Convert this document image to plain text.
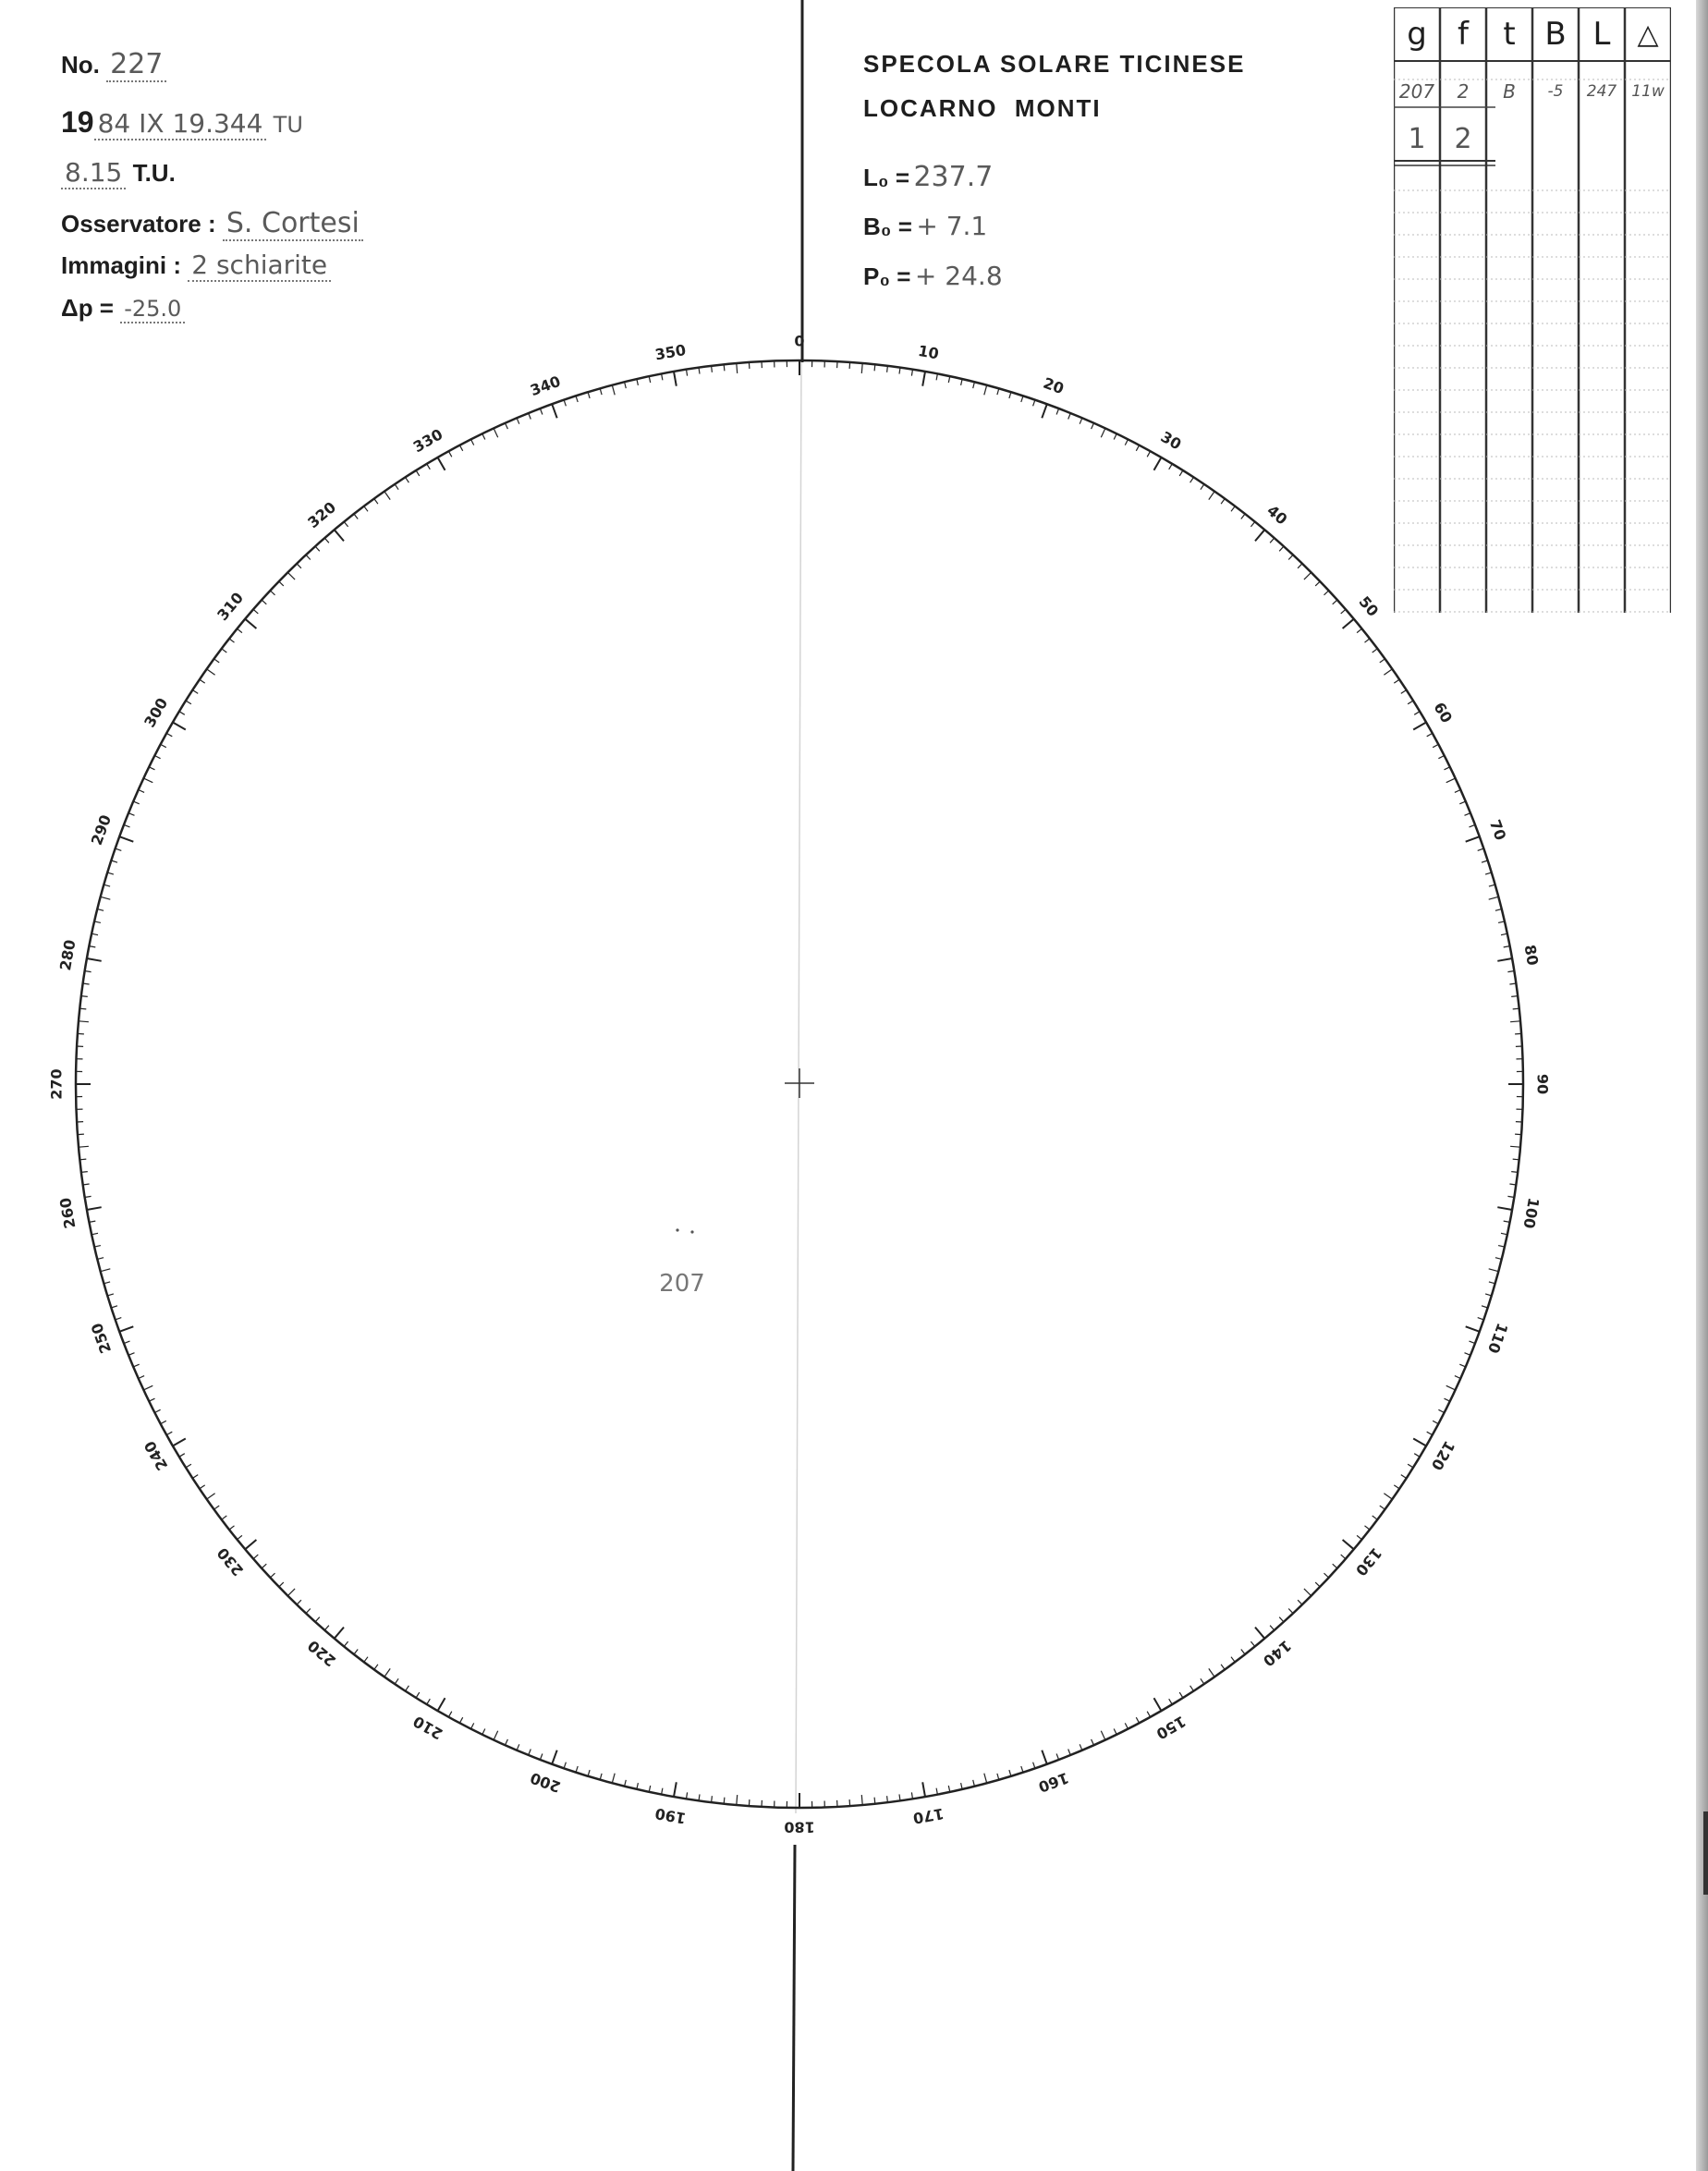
No. 227
19 84 IX 19.344 TU
8.15 T.U.
Osservatore : S. Cortesi
Immagini : 2 schiarite
Δp = -25.0
SPECOLA SOLARE TICINESE
LOCARNO  MONTI
L₀ = 237.7
B₀ = + 7.1
P₀ = + 24.8
0
10
20
30
40
50
60
70
80
90
100
110
120
130
140
150
160
170
180
190
200
210
220
230
240
250
260
270
280
290
300
310
320
330
340
350
207
g f	t B L △
207	2	B	-5	247 11w
1	2
